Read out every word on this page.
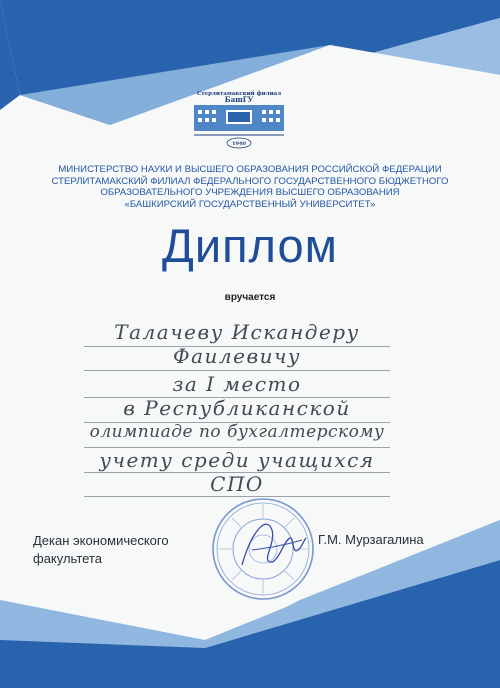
Стерлитамакский филиал
БашГУ
1940
МИНИСТЕРСТВО НАУКИ И ВЫСШЕГО ОБРАЗОВАНИЯ РОССИЙСКОЙ ФЕДЕРАЦИИ
СТЕРЛИТАМАКСКИЙ ФИЛИАЛ ФЕДЕРАЛЬНОГО ГОСУДАРСТВЕННОГО БЮДЖЕТНОГО
ОБРАЗОВАТЕЛЬНОГО УЧРЕЖДЕНИЯ ВЫСШЕГО ОБРАЗОВАНИЯ
«БАШКИРСКИЙ ГОСУДАРСТВЕННЫЙ УНИВЕРСИТЕТ»
Диплом
вручается
Талачеву Искандеру
Фаилевичу
за I место
в Республиканской
олимпиаде по бухгалтерскому
учету среди учащихся
СПО
Декан экономического
факультета
Г.М. Мурзагалина
